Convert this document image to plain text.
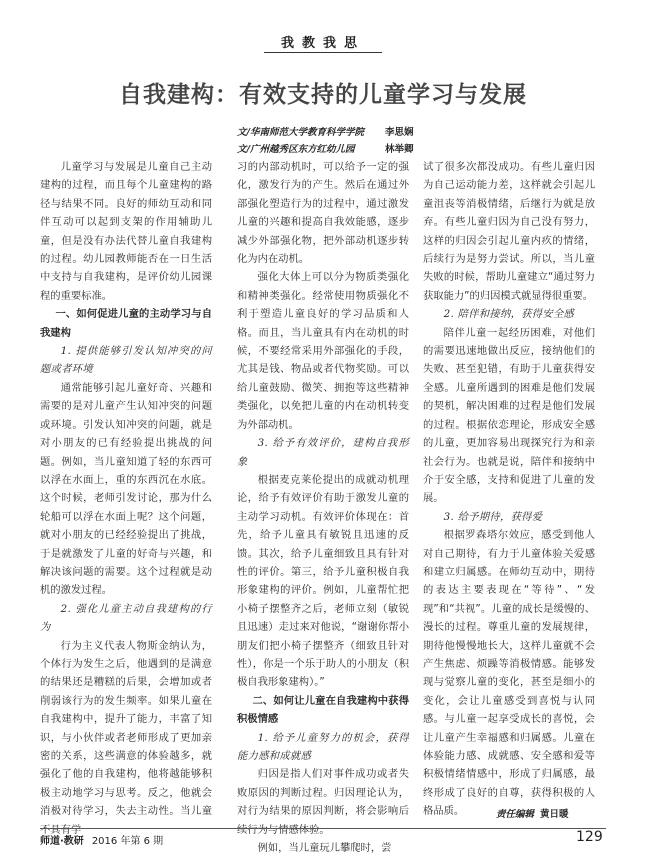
我教我思
自我建构：有效支持的儿童学习与发展
文/华南师范大学教育科学学院 李思娴
文/广州越秀区东方红幼儿园	林举卿

儿童学习与发展是儿童自己主动建构的过程，而且每个儿童建构的路径与结果不同。良好的师幼互动和同伴互动可以起到支架的作用辅助儿童，但是没有办法代替儿童自我建构的过程。幼儿园教师能否在一日生活中支持与自我建构，是评价幼儿园课程的重要标准。

一、如何促进儿童的主动学习与自我建构

1. 提供能够引发认知冲突的问题或者环境

通常能够引起儿童好奇、兴趣和需要的是对儿童产生认知冲突的问题或环境。引发认知冲突的问题，就是对小朋友的已有经验提出挑战的问题。例如，当儿童知道了轻的东西可以浮在水面上，重的东西沉在水底。这个时候，老师引发讨论，那为什么轮船可以浮在水面上呢？这个问题，就对小朋友的已经经验提出了挑战，于是就激发了儿童的好奇与兴趣，和解决该问题的需要。这个过程就是动机的激发过程。

2. 强化儿童主动自我建构的行为

行为主义代表人物斯金纳认为，个体行为发生之后，他遇到的是满意的结果还是糟糕的后果，会增加或者削弱该行为的发生频率。如果儿童在自我建构中，提升了能力，丰富了知识，与小伙伴或者老师形成了更加亲密的关系，这些满意的体验越多，就强化了他的自我建构，他将越能够积极主动地学习与思考。反之，他就会消极对待学习，失去主动性。当儿童不具有学

习的内部动机时，可以给予一定的强化，激发行为的产生。然后在通过外部强化塑造行为的过程中，通过激发儿童的兴趣和提高自我效能感，逐步减少外部强化物，把外部动机逐步转化为内在动机。

强化大体上可以分为物质类强化和精神类强化。经常使用物质强化不利于塑造儿童良好的学习品质和人格。而且，当儿童具有内在动机的时候，不要经常采用外部强化的手段，尤其是钱、物品或者代物奖励。可以给儿童鼓励、微笑、拥抱等这些精神类强化，以免把儿童的内在动机转变为外部动机。

3. 给予有效评价，建构自我形象

根据麦克莱伦提出的成就动机理论，给予有效评价有助于激发儿童的主动学习动机。有效评价体现在：首先，给予儿童具有敏锐且迅速的反馈。其次，给予儿童细致且具有针对性的评价。第三，给予儿童积极自我形象建构的评价。例如，儿童帮忙把小椅子摆整齐之后，老师立刻（敏锐且迅速）走过来对他说，“谢谢你帮小朋友们把小椅子摆整齐（细致且针对性），你是一个乐于助人的小朋友（积极自我形象建构）。”

二、如何让儿童在自我建构中获得积极情感

1. 给予儿童努力的机会，获得能力感和成就感

归因是指人们对事件成功或者失败原因的判断过程。归因理论认为，对行为结果的原因判断，将会影响后续行为与情感体验。

例如，当儿童玩儿攀爬时，尝

试了很多次都没成功。有些儿童归因为自己运动能力差，这样就会引起儿童沮丧等消极情绪，后继行为就是放弃。有些儿童归因为自己没有努力，这样的归因会引起儿童内疚的情绪，后续行为是努力尝试。所以，当儿童失败的时候，帮助儿童建立“通过努力获取能力”的归因模式就显得很重要。

2. 陪伴和接纳，获得安全感

陪伴儿童一起经历困难，对他们的需要迅速地做出反应，接纳他们的失败、甚至犯错，有助于儿童获得安全感。儿童所遇到的困难是他们发展的契机，解决困难的过程是他们发展的过程。根据依恋理论，形成安全感的儿童，更加容易出现探究行为和亲社会行为。也就是说，陪伴和接纳中介于安全感，支持和促进了儿童的发展。

3. 给予期待，获得爱

根据罗森塔尔效应，感受到他人对自己期待，有力于儿童体验关爱感和建立归属感。在师幼互动中，期待的表达主要表现在“等待”、“发现”和“共视”。儿童的成长是缓慢的、漫长的过程。尊重儿童的发展规律，期待他慢慢地长大，这样儿童就不会产生焦虑、烦躁等消极情感。能够发现与觉察儿童的变化，甚至是细小的变化，会让儿童感受到喜悦与认同感。与儿童一起享受成长的喜悦，会让儿童产生幸福感和归属感。儿童在体验能力感、成就感、安全感和爱等积极情绪情感中，形成了归属感，最终形成了良好的自尊，获得积极的人格品质。	责任编辑 黄日暖
师道·教研 2016 年第 6 期	129
